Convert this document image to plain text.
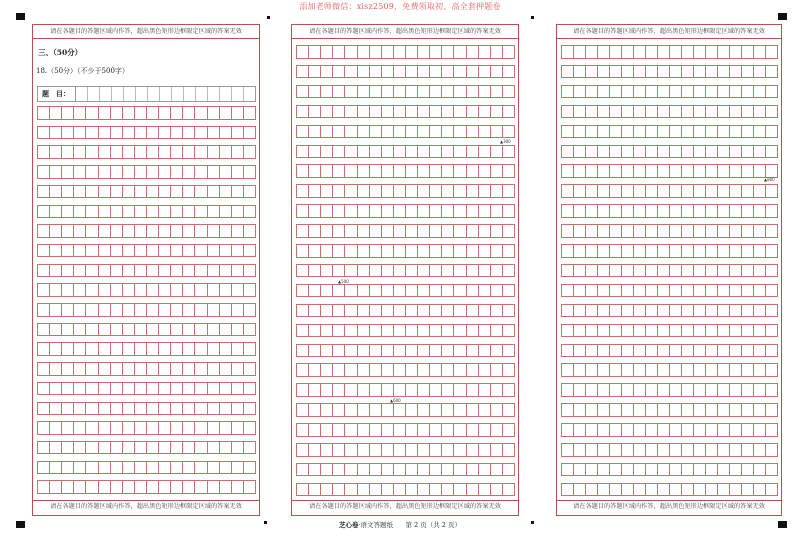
添加老师微信：xisz2509，免费领取初、高全套押题卷
请在各题目的答题区域内作答，超出黑色矩形边框限定区域的答案无效
三、（50分）
18.（50分）（不少于500字）
题　目：
请在各题目的答题区域内作答，超出黑色矩形边框限定区域的答案无效
请在各题目的答题区域内作答，超出黑色矩形边框限定区域的答案无效
▲300
▲500
▲600
请在各题目的答题区域内作答，超出黑色矩形边框限定区域的答案无效
请在各题目的答题区域内作答，超出黑色矩形边框限定区域的答案无效
▲800
请在各题目的答题区域内作答，超出黑色矩形边框限定区域的答案无效
芝心卷·语文答题纸 第 2 页（共 2 页）
